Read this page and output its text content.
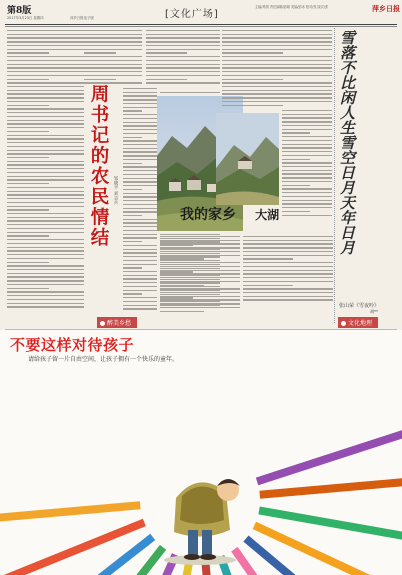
第8版
2017年3月23日 星期四	萍乡日报电子版	[文化广场]
主编/易国 责任编辑/彭颖 美编/彭冰 校对/张 版式/张	萍乡日报
周书记的农民情结 邹晓平 刘志兵
我的家乡 大湖	雪落不比闲人生雪空日月天年日月
张山荣《雪夜吟》
胡**
醉美乡愁	文化地理
不要这样对待孩子
请给孩子留一片自由空间，让孩子拥有一个快乐的童年。
